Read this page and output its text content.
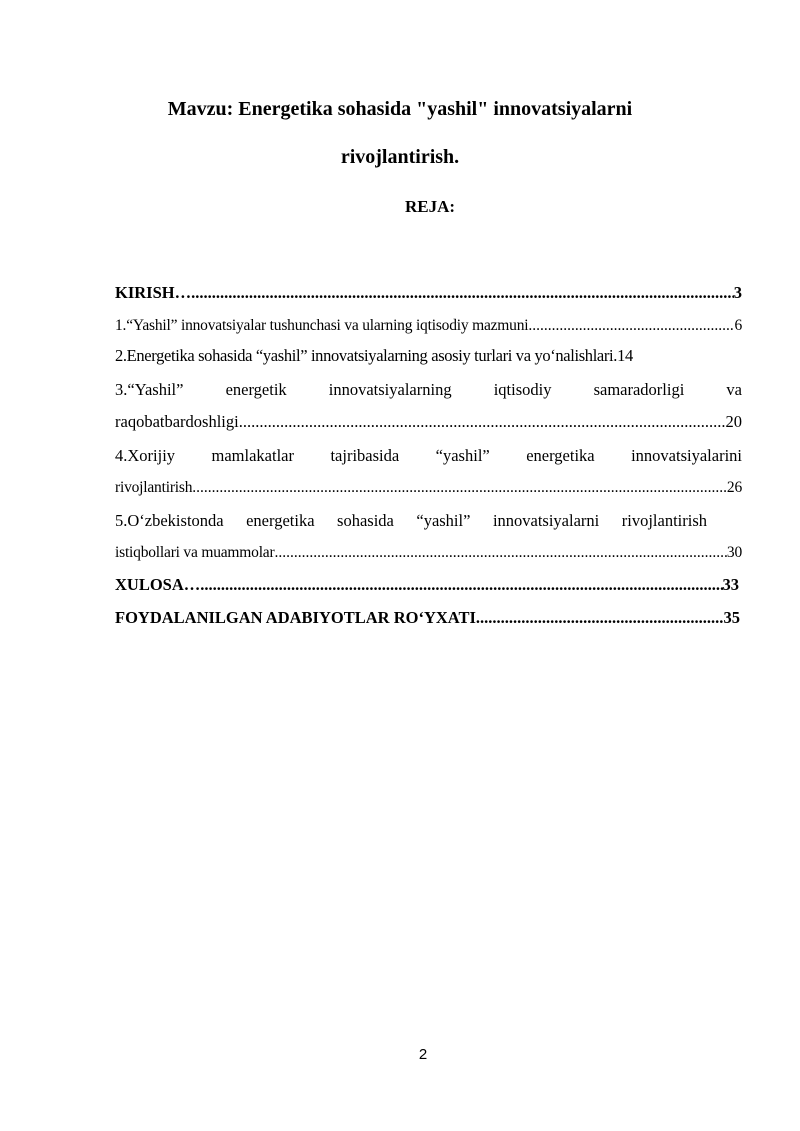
Mavzu: Energetika sohasida "yashil" innovatsiyalarni
rivojlantirish.
REJA:
KIRISH… .....	3
1.“Yashil” innovatsiyalar tushunchasi va ularning iqtisodiy mazmuni .....	6
2.Energetika sohasida “yashil” innovatsiyalarning asosiy turlari va yo‘nalishlari. 14
3.“Yashil” energetik innovatsiyalarning iqtisodiy samaradorligi va
raqobatbardoshligi .....	20
4.Xorijiy mamlakatlar tajribasida “yashil” energetika innovatsiyalarini
rivojlantirish .....	26
5.O‘zbekistonda energetika sohasida “yashil” innovatsiyalarni rivojlantirish
istiqbollari va muammolar .....	30
XULOSA… .....	33
FOYDALANILGAN ADABIYOTLAR RO‘YXATI .....	35
2
